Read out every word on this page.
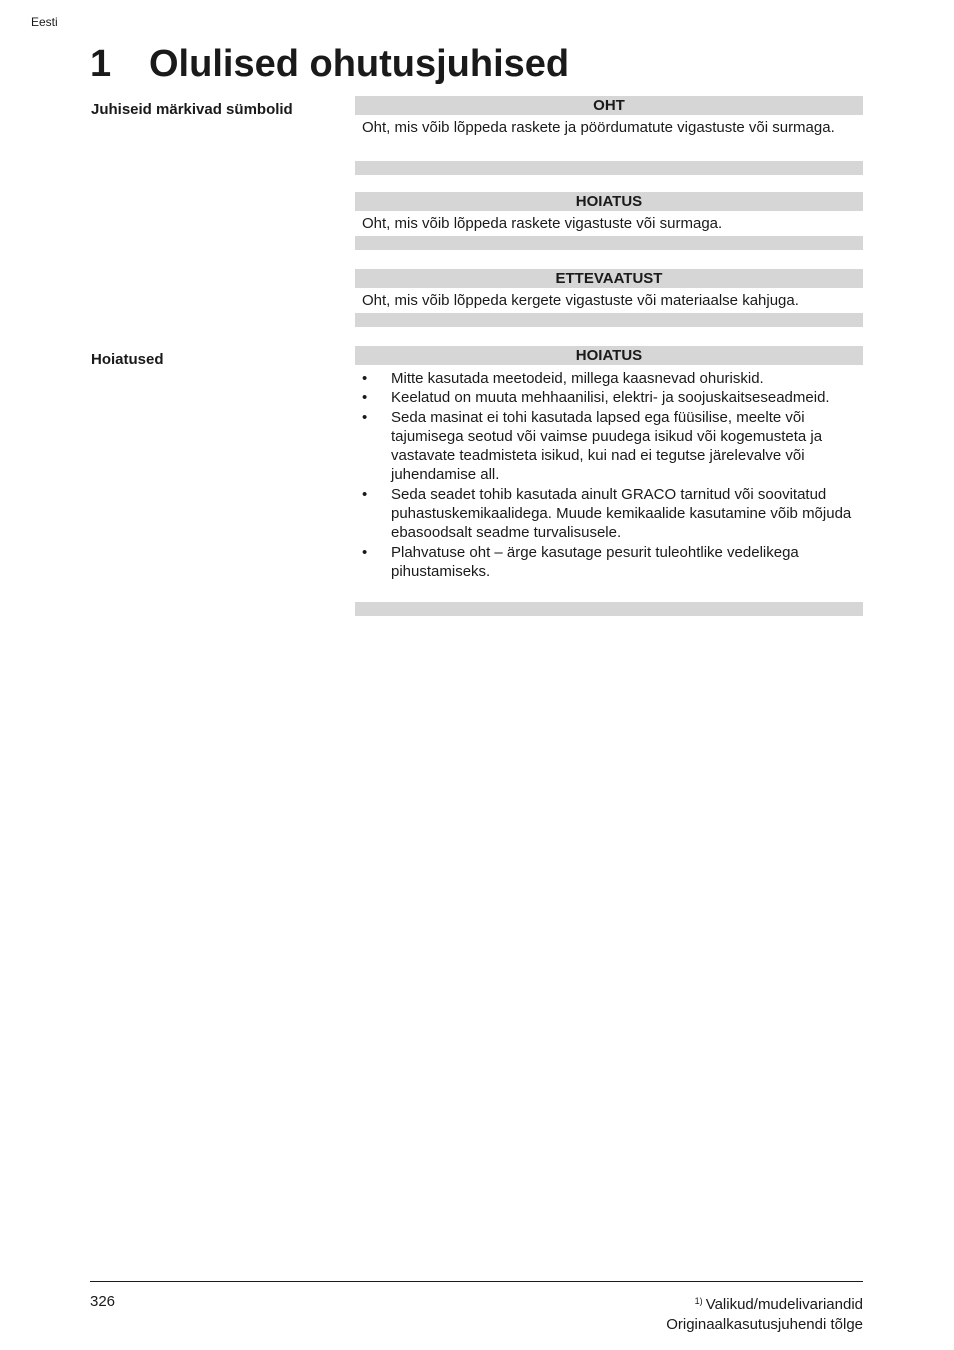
Eesti
1 Olulised ohutusjuhised
Juhiseid märkivad sümbolid	OHT
Oht, mis võib lõppeda raskete ja pöördumatute vigastuste või surmaga.
HOIATUS
Oht, mis võib lõppeda raskete vigastuste või surmaga.
ETTEVAATUST
Oht, mis võib lõppeda kergete vigastuste või materiaalse kahjuga.
Hoiatused	HOIATUS
• Mitte kasutada meetodeid, millega kaasnevad ohuriskid.
• Keelatud on muuta mehhaanilisi, elektri- ja soojuskaitseseadmeid.
• Seda masinat ei tohi kasutada lapsed ega füüsilise, meelte või tajumisega seotud või vaimse puudega isikud või kogemusteta ja vastavate teadmisteta isikud, kui nad ei tegutse järelevalve või juhendamise all.
• Seda seadet tohib kasutada ainult GRACO tarnitud või soovitatud puhastuskemikaalidega. Muude kemikaalide kasutamine võib mõjuda ebasoodsalt seadme turvalisusele.
• Plahvatuse oht – ärge kasutage pesurit tuleohtlike vedelikega pihustamiseks.
326	$^{1)}$ Valikud/mudelivariandid
Originaalkasutusjuhendi tõlge
